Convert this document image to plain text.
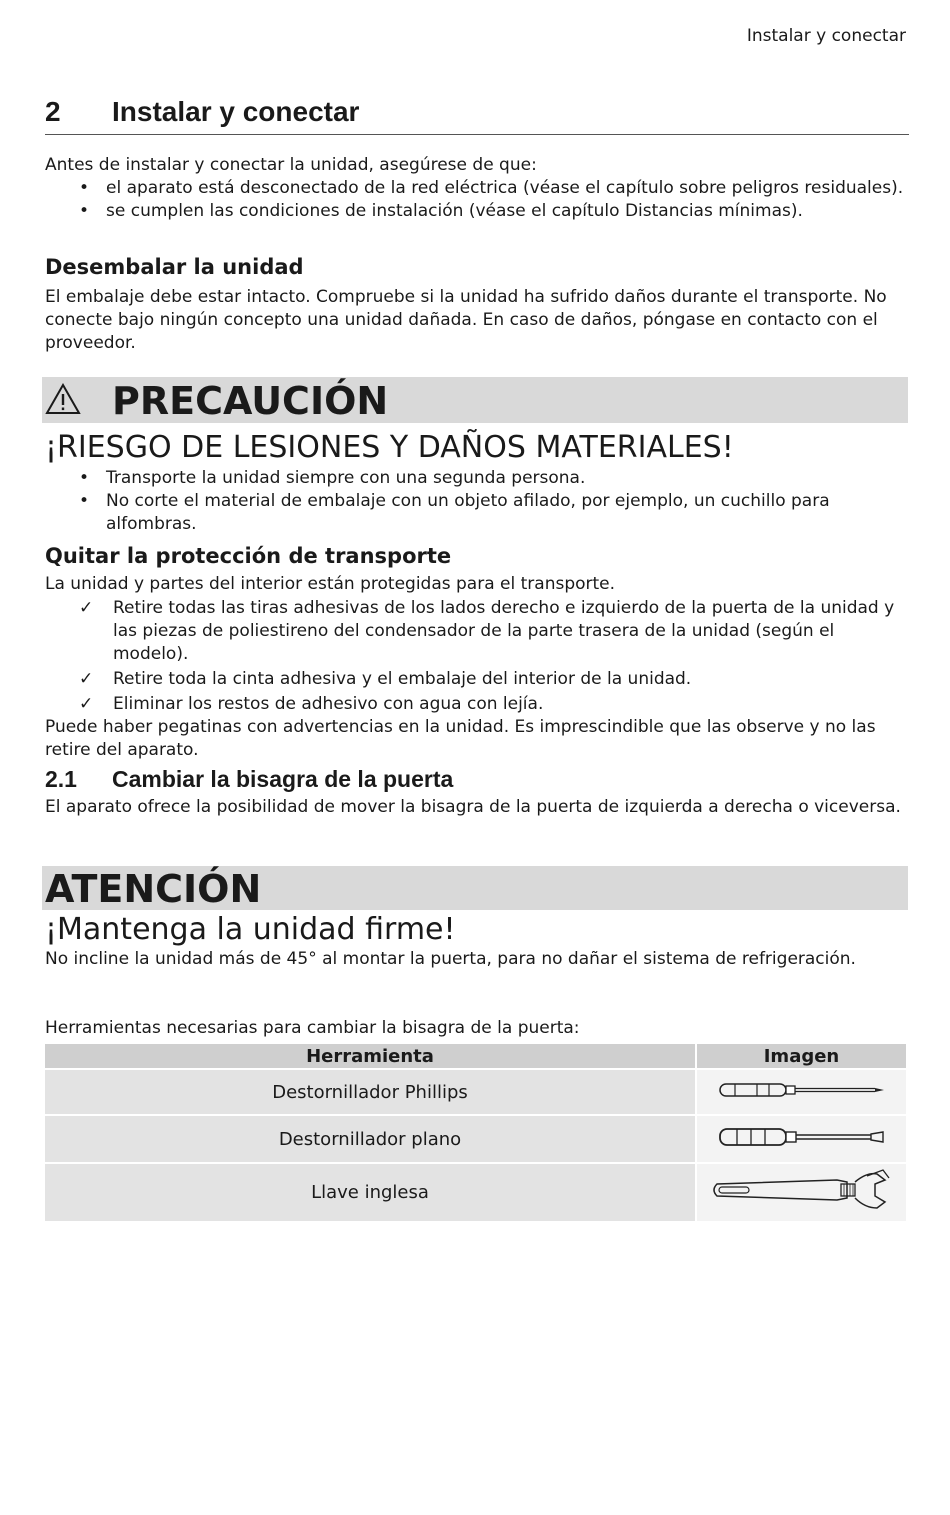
Instalar y conectar
2 Instalar y conectar

Antes de instalar y conectar la unidad, asegúrese de que:

• el aparato está desconectado de la red eléctrica (véase el capítulo sobre peligros residuales).
• se cumplen las condiciones de instalación (véase el capítulo Distancias mínimas).
Desembalar la unidad

El embalaje debe estar intacto. Compruebe si la unidad ha sufrido daños durante el transporte. No conecte bajo ningún concepto una unidad dañada. En caso de daños, póngase en contacto con el proveedor.

PRECAUCIÓN
¡RIESGO DE LESIONES Y DAÑOS MATERIALES!
• Transporte la unidad siempre con una segunda persona.
• No corte el material de embalaje con un objeto afilado, por ejemplo, un cuchillo para alfombras.
Quitar la protección de transporte

La unidad y partes del interior están protegidas para el transporte.

✓ Retire todas las tiras adhesivas de los lados derecho e izquierdo de la puerta de la unidad y las piezas de poliestireno del condensador de la parte trasera de la unidad (según el modelo).
✓ Retire toda la cinta adhesiva y el embalaje del interior de la unidad.
✓ Eliminar los restos de adhesivo con agua con lejía.

Puede haber pegatinas con advertencias en la unidad. Es imprescindible que las observe y no las retire del aparato.

2.1 Cambiar la bisagra de la puerta

El aparato ofrece la posibilidad de mover la bisagra de la puerta de izquierda a derecha o viceversa.

ATENCIÓN
¡Mantenga la unidad firme!

No incline la unidad más de 45° al montar la puerta, para no dañar el sistema de refrigeración.

Herramientas necesarias para cambiar la bisagra de la puerta:

Herramienta	Imagen
Destornillador Phillips	
Destornillador plano	
Llave inglesa	
